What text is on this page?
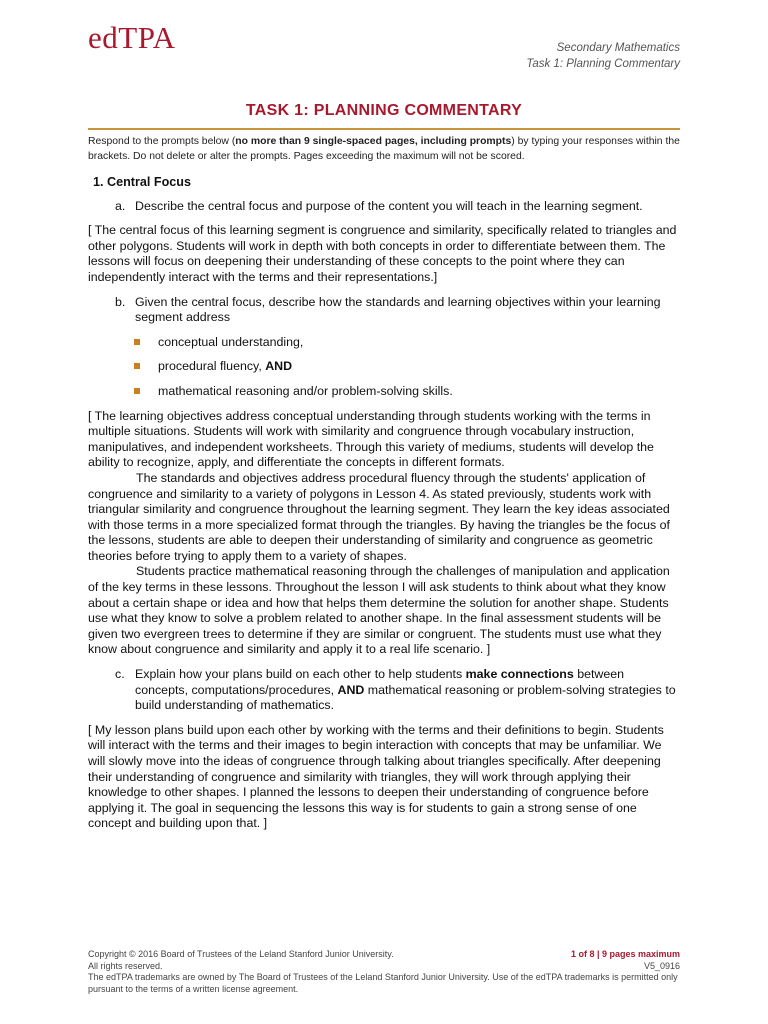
edTPA	Secondary Mathematics
Task 1: Planning Commentary
TASK 1: PLANNING COMMENTARY
Respond to the prompts below (no more than 9 single-spaced pages, including prompts) by typing your responses within the brackets. Do not delete or alter the prompts. Pages exceeding the maximum will not be scored.
1. Central Focus
a. Describe the central focus and purpose of the content you will teach in the learning segment.

[ The central focus of this learning segment is congruence and similarity, specifically related to triangles and other polygons. Students will work in depth with both concepts in order to differentiate between them. The lessons will focus on deepening their understanding of these concepts to the point where they can independently interact with the terms and their representations.]

b. Given the central focus, describe how the standards and learning objectives within your learning segment address
conceptual understanding,
procedural fluency, AND
mathematical reasoning and/or problem-solving skills.

[ The learning objectives address conceptual understanding through students working with the terms in multiple situations. Students will work with similarity and congruence through vocabulary instruction, manipulatives, and independent worksheets. Through this variety of mediums, students will develop the ability to recognize, apply, and differentiate the concepts in different formats.

The standards and objectives address procedural fluency through the students' application of congruence and similarity to a variety of polygons in Lesson 4. As stated previously, students work with triangular similarity and congruence throughout the learning segment. They learn the key ideas associated with those terms in a more specialized format through the triangles. By having the triangles be the focus of the lessons, students are able to deepen their understanding of similarity and congruence as geometric theories before trying to apply them to a variety of shapes.

Students practice mathematical reasoning through the challenges of manipulation and application of the key terms in these lessons. Throughout the lesson I will ask students to think about what they know about a certain shape or idea and how that helps them determine the solution for another shape. Students use what they know to solve a problem related to another shape. In the final assessment students will be given two evergreen trees to determine if they are similar or congruent. The students must use what they know about congruence and similarity and apply it to a real life scenario. ]

c. Explain how your plans build on each other to help students make connections between concepts, computations/procedures, AND mathematical reasoning or problem-solving strategies to build understanding of mathematics.

[ My lesson plans build upon each other by working with the terms and their definitions to begin. Students will interact with the terms and their images to begin interaction with concepts that may be unfamiliar. We will slowly move into the ideas of congruence through talking about triangles specifically. After deepening their understanding of congruence and similarity with triangles, they will work through applying their knowledge to other shapes. I planned the lessons to deepen their understanding of congruence before applying it. The goal in sequencing the lessons this way is for students to gain a strong sense of one concept and building upon that. ]

Copyright © 2016 Board of Trustees of the Leland Stanford Junior University.	1 of 8 | 9 pages maximum
All rights reserved.	V5_0916
The edTPA trademarks are owned by The Board of Trustees of the Leland Stanford Junior University. Use of the edTPA trademarks is permitted only pursuant to the terms of a written license agreement.
